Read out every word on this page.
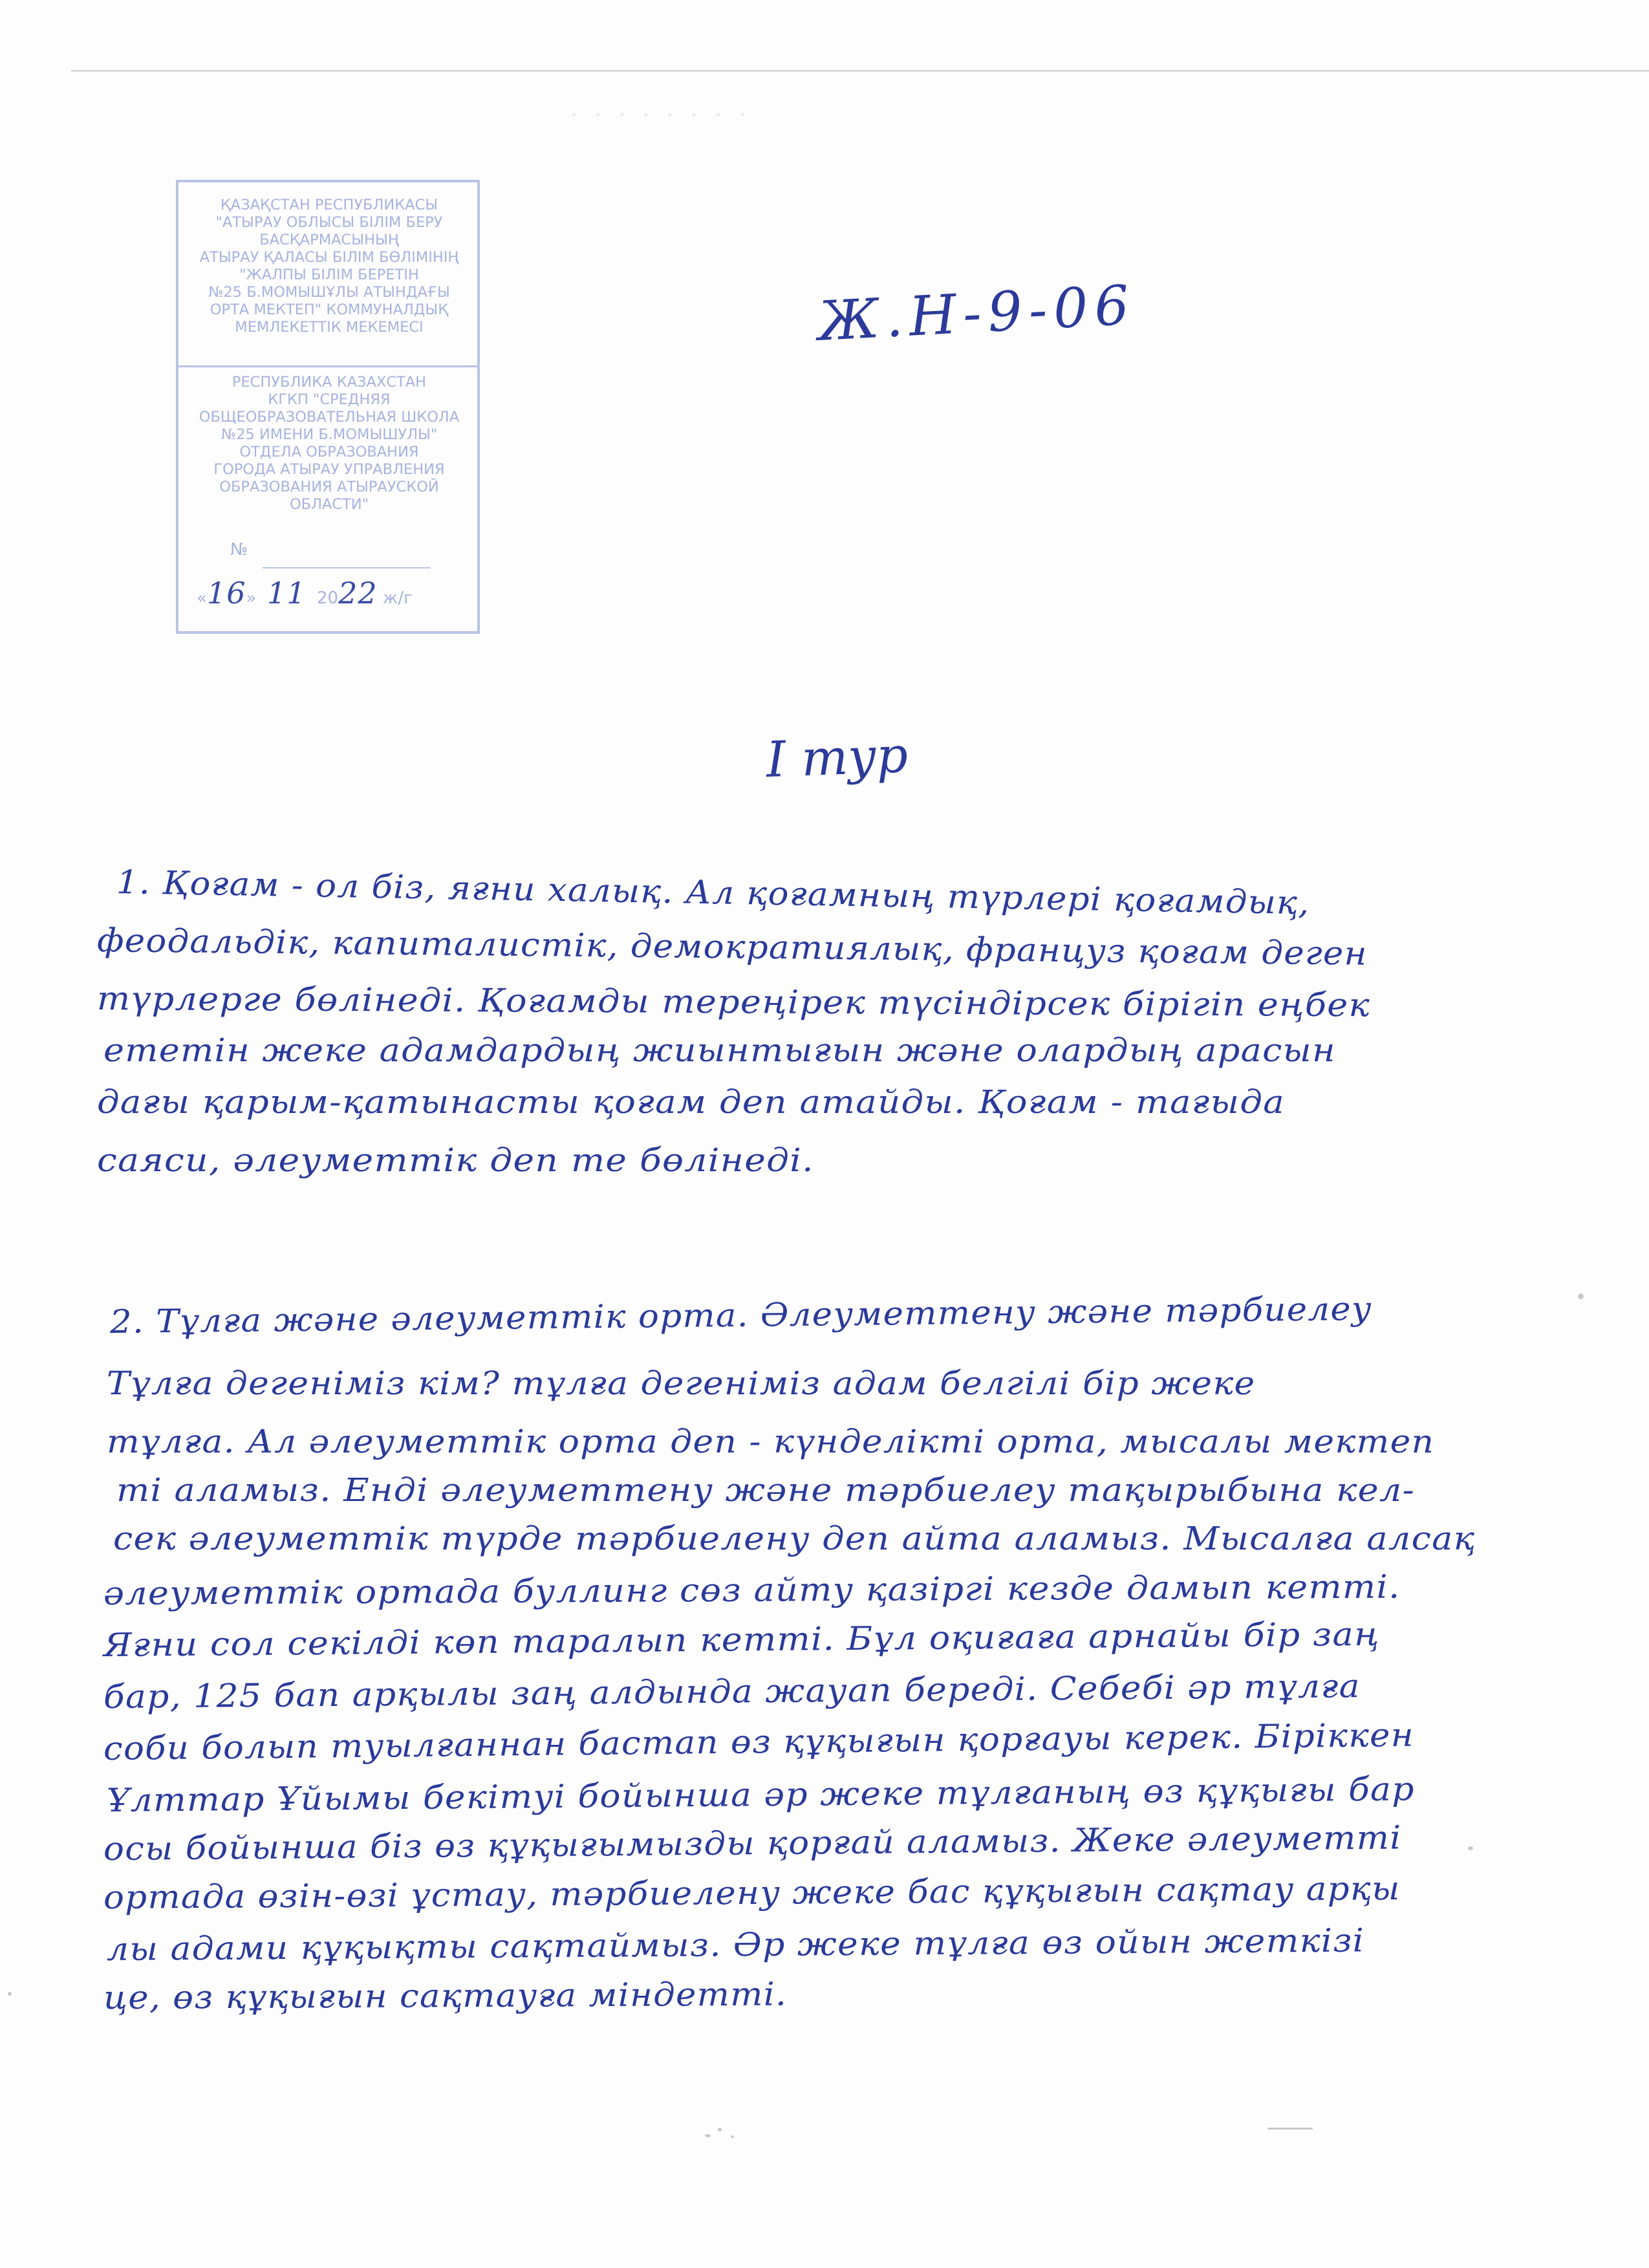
· · · · · · · ·
ҚАЗАҚСТАН РЕСПУБЛИКАСЫ
"АТЫРАУ ОБЛЫСЫ БІЛІМ БЕРУ
БАСҚАРМАСЫНЫҢ
АТЫРАУ ҚАЛАСЫ БІЛІМ БӨЛІМІНІҢ
"ЖАЛПЫ БІЛІМ БЕРЕТІН
№25 Б.МОМЫШҰЛЫ АТЫНДАҒЫ
ОРТА МЕКТЕП" КОММУНАЛДЫҚ
МЕМЛЕКЕТТІК МЕКЕМЕСІ
РЕСПУБЛИКА КАЗАХСТАН
КГКП "СРЕДНЯЯ
ОБЩЕОБРАЗОВАТЕЛЬНАЯ ШКОЛА
№25 ИМЕНИ Б.МОМЫШУЛЫ"
ОТДЕЛА ОБРАЗОВАНИЯ
ГОРОДА АТЫРАУ УПРАВЛЕНИЯ
ОБРАЗОВАНИЯ АТЫРАУСКОЙ
ОБЛАСТИ"
№
«16» 11 2022 ж/г
Ж.Н-9-06
I тур
1. Қоғам - ол біз, яғни халық. Ал қоғамның түрлері қоғамдық,
феодальдік, капиталистік, демократиялық, француз қоғам деген
түрлерге бөлінеді. Қоғамды тереңірек түсіндірсек бірігіп еңбек
ететін жеке адамдардың жиынтығын және олардың арасын
дағы қарым-қатынасты қоғам деп атайды. Қоғам - тағыда
саяси, әлеуметтік деп те бөлінеді.
2. Тұлға және әлеуметтік орта. Әлеуметтену және тәрбиелеу
Тұлға дегеніміз кім? тұлға дегеніміз адам белгілі бір жеке
тұлға. Ал әлеуметтік орта деп - күнделікті орта, мысалы мектеп
ті аламыз. Енді әлеуметтену және тәрбиелеу тақырыбына кел-
сек әлеуметтік түрде тәрбиелену деп айта аламыз. Мысалға алсақ
әлеуметтік ортада буллинг сөз айту қазіргі кезде дамып кетті.
Яғни сол секілді көп таралып кетті. Бұл оқиғаға арнайы бір заң
бар, 125 бап арқылы заң алдында жауап береді. Себебі әр тұлға
соби болып туылғаннан бастап өз құқығын қорғауы керек. Біріккен
Ұлттар Ұйымы бекітуі бойынша әр жеке тұлғаның өз құқығы бар
осы бойынша біз өз құқығымызды қорғай аламыз. Жеке әлеуметті
ортада өзін-өзі ұстау, тәрбиелену жеке бас құқығын сақтау арқы
лы адами құқықты сақтаймыз. Әр жеке тұлға өз ойын жеткізі
це, өз құқығын сақтауға міндетті.
